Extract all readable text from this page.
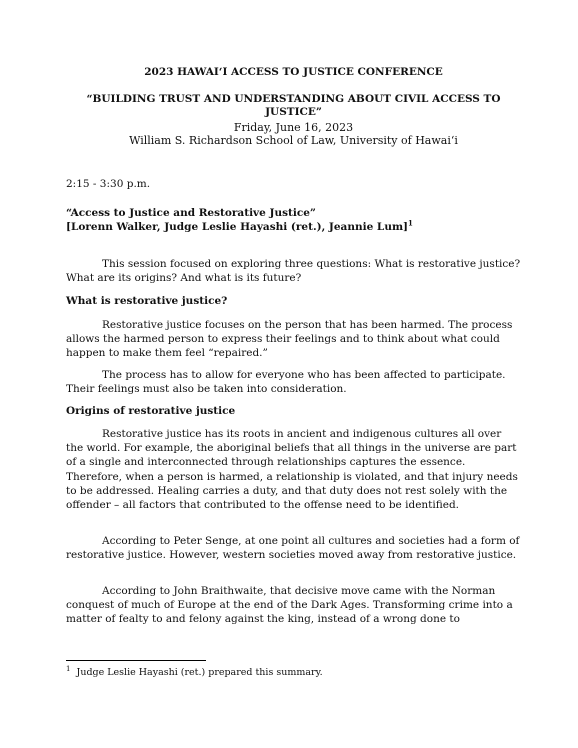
2023 HAWAI‘I ACCESS TO JUSTICE CONFERENCE
“BUILDING TRUST AND UNDERSTANDING ABOUT CIVIL ACCESS TO JUSTICE”
Friday, June 16, 2023
William S. Richardson School of Law, University of Hawai‘i
2:15 - 3:30 p.m.
“Access to Justice and Restorative Justice”
[Lorenn Walker, Judge Leslie Hayashi (ret.), Jeannie Lum]$^1$
This session focused on exploring three questions: What is restorative justice? What are its origins? And what is its future?
What is restorative justice?
Restorative justice focuses on the person that has been harmed. The process allows the harmed person to express their feelings and to think about what could happen to make them feel “repaired.”
The process has to allow for everyone who has been affected to participate. Their feelings must also be taken into consideration.
Origins of restorative justice
Restorative justice has its roots in ancient and indigenous cultures all over the world. For example, the aboriginal beliefs that all things in the universe are part of a single and interconnected through relationships captures the essence. Therefore, when a person is harmed, a relationship is violated, and that injury needs to be addressed. Healing carries a duty, and that duty does not rest solely with the offender – all factors that contributed to the offense need to be identified.
According to Peter Senge, at one point all cultures and societies had a form of restorative justice. However, western societies moved away from restorative justice.
According to John Braithwaite, that decisive move came with the Norman conquest of much of Europe at the end of the Dark Ages. Transforming crime into a matter of fealty to and felony against the king, instead of a wrong done to
$^1$ Judge Leslie Hayashi (ret.) prepared this summary.
